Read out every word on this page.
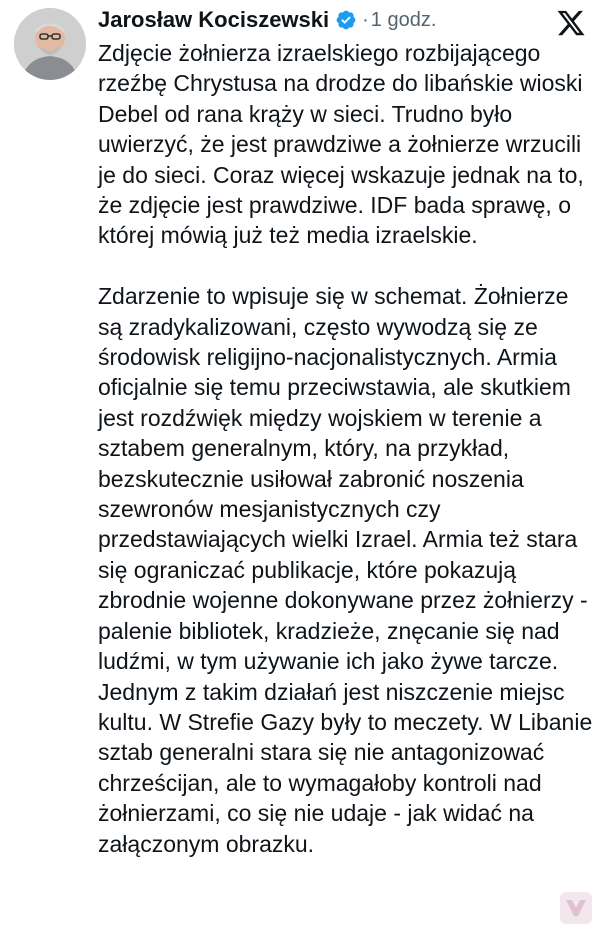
Jarosław Kociszewski · 1 godz.

Zdjęcie żołnierza izraelskiego rozbijającego rzeźbę Chrystusa na drodze do libańskie wioski Debel od rana krąży w sieci. Trudno było uwierzyć, że jest prawdziwe a żołnierze wrzucili je do sieci. Coraz więcej wskazuje jednak na to, że zdjęcie jest prawdziwe. IDF bada sprawę, o której mówią już też media izraelskie.

Zdarzenie to wpisuje się w schemat. Żołnierze są zradykalizowani, często wywodzą się ze środowisk religijno-nacjonalistycznych. Armia oficjalnie się temu przeciwstawia, ale skutkiem jest rozdźwięk między wojskiem w terenie a sztabem generalnym, który, na przykład, bezskutecznie usiłował zabronić noszenia szewronów mesjanistycznych czy przedstawiających wielki Izrael. Armia też stara się ograniczać publikacje, które pokazują zbrodnie wojenne dokonywane przez żołnierzy - palenie bibliotek, kradzieże, znęcanie się nad ludźmi, w tym używanie ich jako żywe tarcze. Jednym z takim działań jest niszczenie miejsc kultu. W Strefie Gazy były to meczety. W Libanie sztab generalni stara się nie antagonizować chrześcijan, ale to wymagałoby kontroli nad żołnierzami, co się nie udaje - jak widać na załączonym obrazku.
